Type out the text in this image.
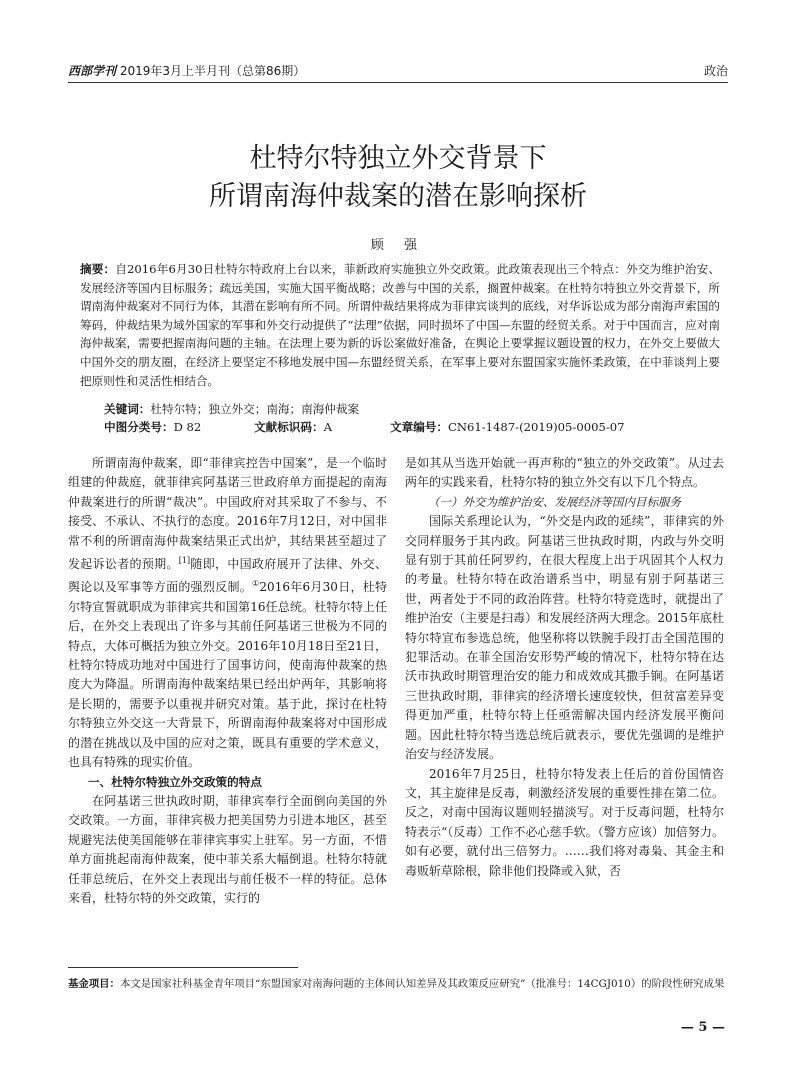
西部学刊 2019年3月上半月刊（总第86期）	政治
杜特尔特独立外交背景下
所谓南海仲裁案的潜在影响探析
顾 强
摘要：自2016年6月30日杜特尔特政府上台以来，菲新政府实施独立外交政策。此政策表现出三个特点：外交为维护治安、发展经济等国内目标服务；疏远美国，实施大国平衡战略；改善与中国的关系，搁置仲裁案。在杜特尔特独立外交背景下，所谓南海仲裁案对不同行为体，其潜在影响有所不同。所谓仲裁结果将成为菲律宾谈判的底线，对华诉讼成为部分南海声索国的筹码，仲裁结果为域外国家的军事和外交行动提供了“法理”依据，同时损坏了中国—东盟的经贸关系。对于中国而言，应对南海仲裁案，需要把握南海问题的主轴。在法理上要为新的诉讼案做好准备，在舆论上要掌握议题设置的权力，在外交上要做大中国外交的朋友圈，在经济上要坚定不移地发展中国—东盟经贸关系，在军事上要对东盟国家实施怀柔政策，在中菲谈判上要把原则性和灵活性相结合。
关键词：杜特尔特；独立外交；南海；南海仲裁案
中图分类号：D 82	文献标识码：A	文章编号：CN61-1487-(2019)05-0005-07

所谓南海仲裁案，即“菲律宾控告中国案”，是一个临时组建的仲裁庭，就菲律宾阿基诺三世政府单方面提起的南海仲裁案进行的所谓“裁决”。中国政府对其采取了不参与、不接受、不承认、不执行的态度。2016年7月12日，对中国非常不利的所谓南海仲裁案结果正式出炉，其结果甚至超过了发起诉讼者的预期。[1]随即，中国政府展开了法律、外交、舆论以及军事等方面的强烈反制。①2016年6月30日，杜特尔特宣誓就职成为菲律宾共和国第16任总统。杜特尔特上任后，在外交上表现出了许多与其前任阿基诺三世极为不同的特点，大体可概括为独立外交。2016年10月18日至21日，杜特尔特成功地对中国进行了国事访问，使南海仲裁案的热度大为降温。所谓南海仲裁案结果已经出炉两年，其影响将是长期的，需要予以重视并研究对策。基于此，探讨在杜特尔特独立外交这一大背景下，所谓南海仲裁案将对中国形成的潜在挑战以及中国的应对之策，既具有重要的学术意义，也具有特殊的现实价值。

一、杜特尔特独立外交政策的特点

在阿基诺三世执政时期，菲律宾奉行全面倒向美国的外交政策。一方面，菲律宾极力把美国势力引进本地区，甚至规避宪法使美国能够在菲律宾事实上驻军。另一方面，不惜单方面挑起南海仲裁案，使中菲关系大幅倒退。杜特尔特就任菲总统后，在外交上表现出与前任极不一样的特征。总体来看，杜特尔特的外交政策，实行的

是如其从当选开始就一再声称的“独立的外交政策”。从过去两年的实践来看，杜特尔特的独立外交有以下几个特点。

（一）外交为维护治安、发展经济等国内目标服务

国际关系理论认为，“外交是内政的延续”，菲律宾的外交同样服务于其内政。阿基诺三世执政时期，内政与外交明显有别于其前任阿罗约，在很大程度上出于巩固其个人权力的考量。杜特尔特在政治谱系当中，明显有别于阿基诺三世，两者处于不同的政治阵营。杜特尔特竞选时，就提出了维护治安（主要是扫毒）和发展经济两大理念。2015年底杜特尔特宣布参选总统，他坚称将以铁腕手段打击全国范围的犯罪活动。在菲全国治安形势严峻的情况下，杜特尔特在达沃市执政时期管理治安的能力和成效成其撒手锏。在阿基诺三世执政时期，菲律宾的经济增长速度较快，但贫富差异变得更加严重，杜特尔特上任亟需解决国内经济发展平衡问题。因此杜特尔特当选总统后就表示，要优先强调的是维护治安与经济发展。

2016年7月25日，杜特尔特发表上任后的首份国情咨文，其主旋律是反毒，刺激经济发展的重要性排在第二位。反之，对南中国海议题则轻描淡写。对于反毒问题，杜特尔特表示“（反毒）工作不必心慈手软。（警方应该）加倍努力。如有必要，就付出三倍努力。……我们将对毒枭、其金主和毒贩斩草除根，除非他们投降或入狱，否

基金项目：本文是国家社科基金青年项目“东盟国家对南海问题的主体间认知差异及其政策反应研究”（批准号：14CGJ010）的阶段性研究成果
— 5 —
